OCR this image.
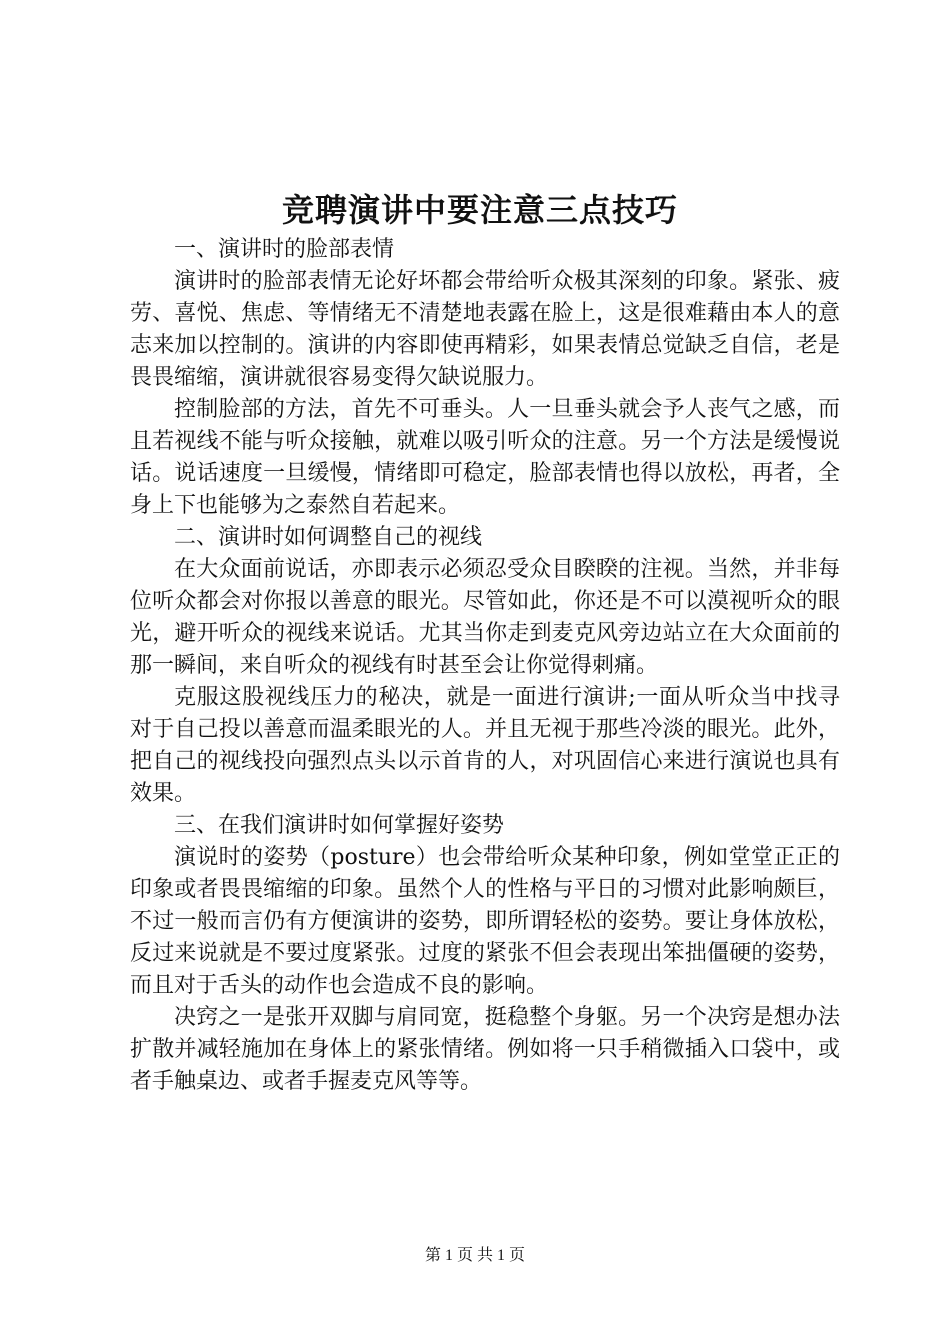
竞聘演讲中要注意三点技巧

一、演讲时的脸部表情

演讲时的脸部表情无论好坏都会带给听众极其深刻的印象。紧张、疲劳、喜悦、焦虑、等情绪无不清楚地表露在脸上，这是很难藉由本人的意志来加以控制的。演讲的内容即使再精彩，如果表情总觉缺乏自信，老是畏畏缩缩，演讲就很容易变得欠缺说服力。

控制脸部的方法，首先不可垂头。人一旦垂头就会予人丧气之感，而且若视线不能与听众接触，就难以吸引听众的注意。另一个方法是缓慢说话。说话速度一旦缓慢，情绪即可稳定，脸部表情也得以放松，再者，全身上下也能够为之泰然自若起来。

二、演讲时如何调整自己的视线

在大众面前说话，亦即表示必须忍受众目睽睽的注视。当然，并非每位听众都会对你报以善意的眼光。尽管如此，你还是不可以漠视听众的眼光，避开听众的视线来说话。尤其当你走到麦克风旁边站立在大众面前的那一瞬间，来自听众的视线有时甚至会让你觉得刺痛。

克服这股视线压力的秘决，就是一面进行演讲;一面从听众当中找寻对于自己投以善意而温柔眼光的人。并且无视于那些冷淡的眼光。此外，把自己的视线投向强烈点头以示首肯的人，对巩固信心来进行演说也具有效果。

三、在我们演讲时如何掌握好姿势

演说时的姿势（posture）也会带给听众某种印象，例如堂堂正正的印象或者畏畏缩缩的印象。虽然个人的性格与平日的习惯对此影响颇巨，不过一般而言仍有方便演讲的姿势，即所谓轻松的姿势。要让身体放松，反过来说就是不要过度紧张。过度的紧张不但会表现出笨拙僵硬的姿势，而且对于舌头的动作也会造成不良的影响。

决窍之一是张开双脚与肩同宽，挺稳整个身躯。另一个决窍是想办法扩散并减轻施加在身体上的紧张情绪。例如将一只手稍微插入口袋中，或者手触桌边、或者手握麦克风等等。

第 1 页 共 1 页
